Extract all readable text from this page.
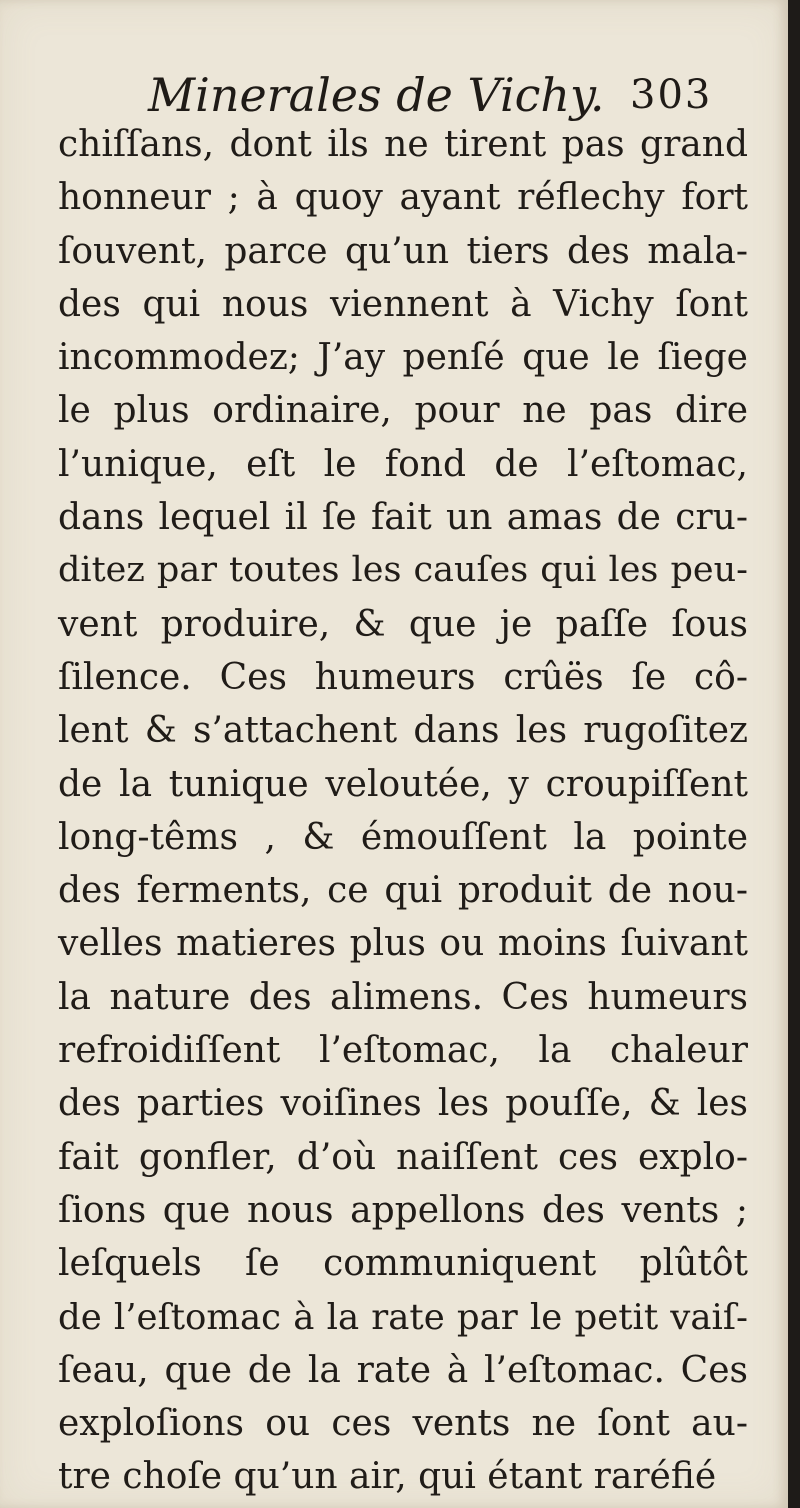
Minerales de Vichy. 303
chiſſans, dont ils ne tirent pas grand
honneur ; à quoy ayant réflechy fort
ſouvent, parce qu’un tiers des mala-
des qui nous viennent à Vichy ſont
incommodez; J’ay penſé que le ſiege
le plus ordinaire, pour ne pas dire
l’unique, eſt le fond de l’eſtomac,
dans lequel il ſe fait un amas de cru-
ditez par toutes les cauſes qui les peu-
vent produire, & que je paſſe ſous
ſilence. Ces humeurs crûës ſe cô-
lent & s’attachent dans les rugoſitez
de la tunique veloutée, y croupiſſent
long-têms , & émouſſent la pointe
des ferments, ce qui produit de nou-
velles matieres plus ou moins ſuivant
la nature des alimens. Ces humeurs
refroidiſſent l’eſtomac, la chaleur
des parties voiſines les pouſſe, & les
fait gonfler, d’où naiſſent ces explo-
ſions que nous appellons des vents ;
leſquels ſe communiquent plûtôt
de l’eſtomac à la rate par le petit vaiſ-
ſeau, que de la rate à l’eſtomac. Ces
exploſions ou ces vents ne ſont au-
tre choſe qu’un air, qui étant raréfié
